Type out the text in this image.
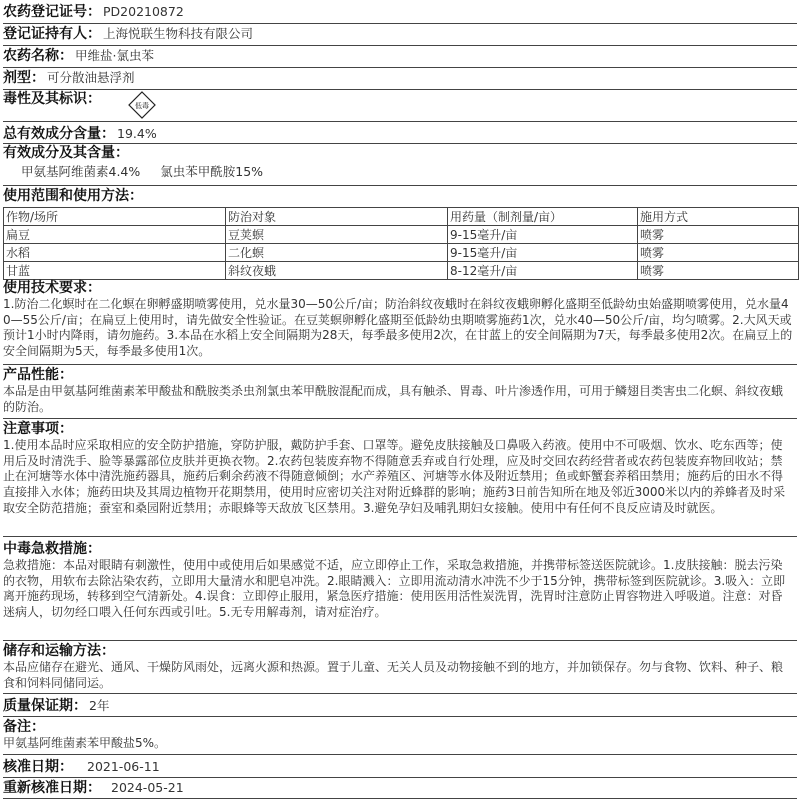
农药登记证号： PD20210872
登记证持有人： 上海悦联生物科技有限公司
农药名称： 甲维盐·氯虫苯
剂型： 可分散油悬浮剂
毒性及其标识：	低毒
总有效成分含量： 19.4%
有效成分及其含量：
甲氨基阿维菌素4.4% 氯虫苯甲酰胺15%
使用范围和使用方法：
作物/场所	防治对象	用药量（制剂量/亩）	施用方式
扁豆	豆荚螟	9-15毫升/亩	喷雾
水稻	二化螟	9-15毫升/亩	喷雾
甘蓝	斜纹夜蛾	8-12毫升/亩	喷雾
使用技术要求：
1.防治二化螟时在二化螟在卵孵盛期喷雾使用，兑水量30—50公斤/亩；防治斜纹夜蛾时在斜纹夜蛾卵孵化盛期至低龄幼虫始盛期喷雾使用，兑水量40—55公斤/亩；在扁豆上使用时，请先做安全性验证。在豆荚螟卵孵化盛期至低龄幼虫期喷雾施药1次，兑水40—50公斤/亩，均匀喷雾。2.大风天或预计1小时内降雨，请勿施药。3.本品在水稻上安全间隔期为28天，每季最多使用2次，在甘蓝上的安全间隔期为7天，每季最多使用2次。在扁豆上的安全间隔期为5天，每季最多使用1次。
产品性能：
本品是由甲氨基阿维菌素苯甲酸盐和酰胺类杀虫剂氯虫苯甲酰胺混配而成，具有触杀、胃毒、叶片渗透作用，可用于鳞翅目类害虫二化螟、斜纹夜蛾的防治。
注意事项：
1.使用本品时应采取相应的安全防护措施，穿防护服，戴防护手套、口罩等。避免皮肤接触及口鼻吸入药液。使用中不可吸烟、饮水、吃东西等；使用后及时清洗手、脸等暴露部位皮肤并更换衣物。2.农药包装废弃物不得随意丢弃或自行处理，应及时交回农药经营者或农药包装废弃物回收站；禁止在河塘等水体中清洗施药器具，施药后剩余药液不得随意倾倒；水产养殖区、河塘等水体及附近禁用；鱼或虾蟹套养稻田禁用；施药后的田水不得直接排入水体；施药田块及其周边植物开花期禁用，使用时应密切关注对附近蜂群的影响；施药3日前告知所在地及邻近3000米以内的养蜂者及时采取安全防范措施；蚕室和桑园附近禁用；赤眼蜂等天敌放飞区禁用。3.避免孕妇及哺乳期妇女接触。使用中有任何不良反应请及时就医。
中毒急救措施：
急救措施：本品对眼睛有刺激性，使用中或使用后如果感觉不适，应立即停止工作，采取急救措施，并携带标签送医院就诊。1.皮肤接触：脱去污染的衣物，用软布去除沾染农药，立即用大量清水和肥皂冲洗。2.眼睛溅入：立即用流动清水冲洗不少于15分钟，携带标签到医院就诊。3.吸入：立即离开施药现场，转移到空气清新处。4.误食：立即停止服用，紧急医疗措施：使用医用活性炭洗胃，洗胃时注意防止胃容物进入呼吸道。注意：对昏迷病人，切勿经口喂入任何东西或引吐。5.无专用解毒剂，请对症治疗。
储存和运输方法：
本品应储存在避光、通风、干燥防风雨处，远离火源和热源。置于儿童、无关人员及动物接触不到的地方，并加锁保存。勿与食物、饮料、种子、粮食和饲料同储同运。
质量保证期： 2年
备注：
甲氨基阿维菌素苯甲酸盐5%。
核准日期： 2021-06-11
重新核准日期： 2024-05-21
